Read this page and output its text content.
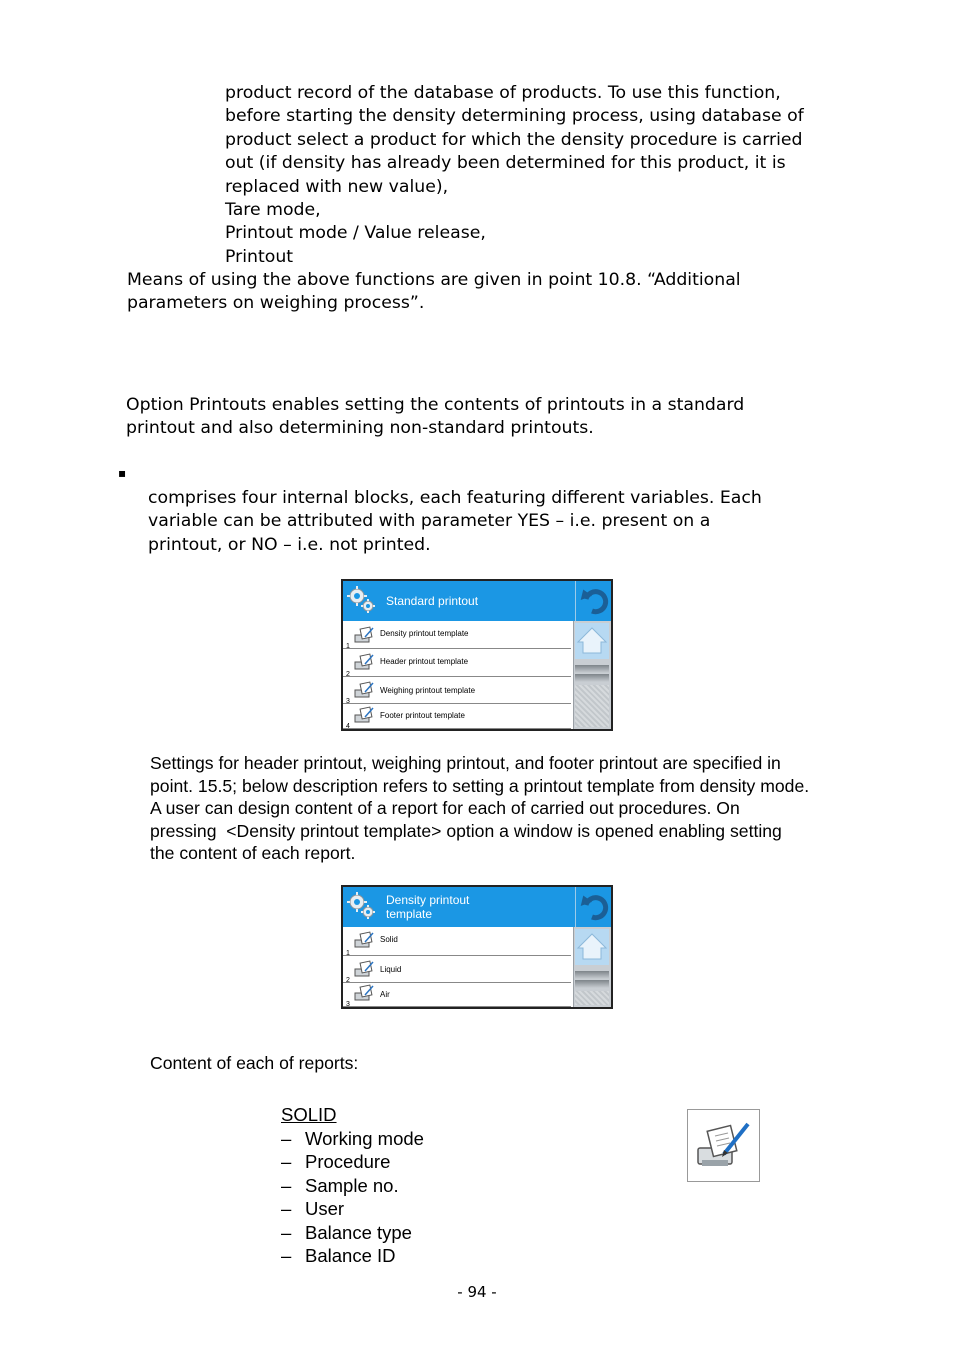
product record of the database of products. To use this function,
before starting the density determining process, using database of
product select a product for which the density procedure is carried
out (if density has already been determined for this product, it is
replaced with new value),
Tare mode,
Printout mode / Value release,
Printout
Means of using the above functions are given in point 10.8. “Additional
parameters on weighing process”.
Option Printouts enables setting the contents of printouts in a standard
printout and also determining non-standard printouts.
▪
comprises four internal blocks, each featuring different variables. Each
variable can be attributed with parameter YES – i.e. present on a
printout, or NO – i.e. not printed.
Standard printout
1
Density printout template
2
Header printout template
3
Weighing printout template
4
Footer printout template
Settings for header printout, weighing printout, and footer printout are specified in
point. 15.5; below description refers to setting a printout template from density mode.
A user can design content of a report for each of carried out procedures. On
pressing  <Density printout template> option a window is opened enabling setting
the content of each report.
Density printout
template
1
Solid
2
Liquid
3
Air
Content of each of reports:
SOLID
– Working mode
– Procedure
– Sample no.
– User
– Balance type
– Balance ID
- 94 -
